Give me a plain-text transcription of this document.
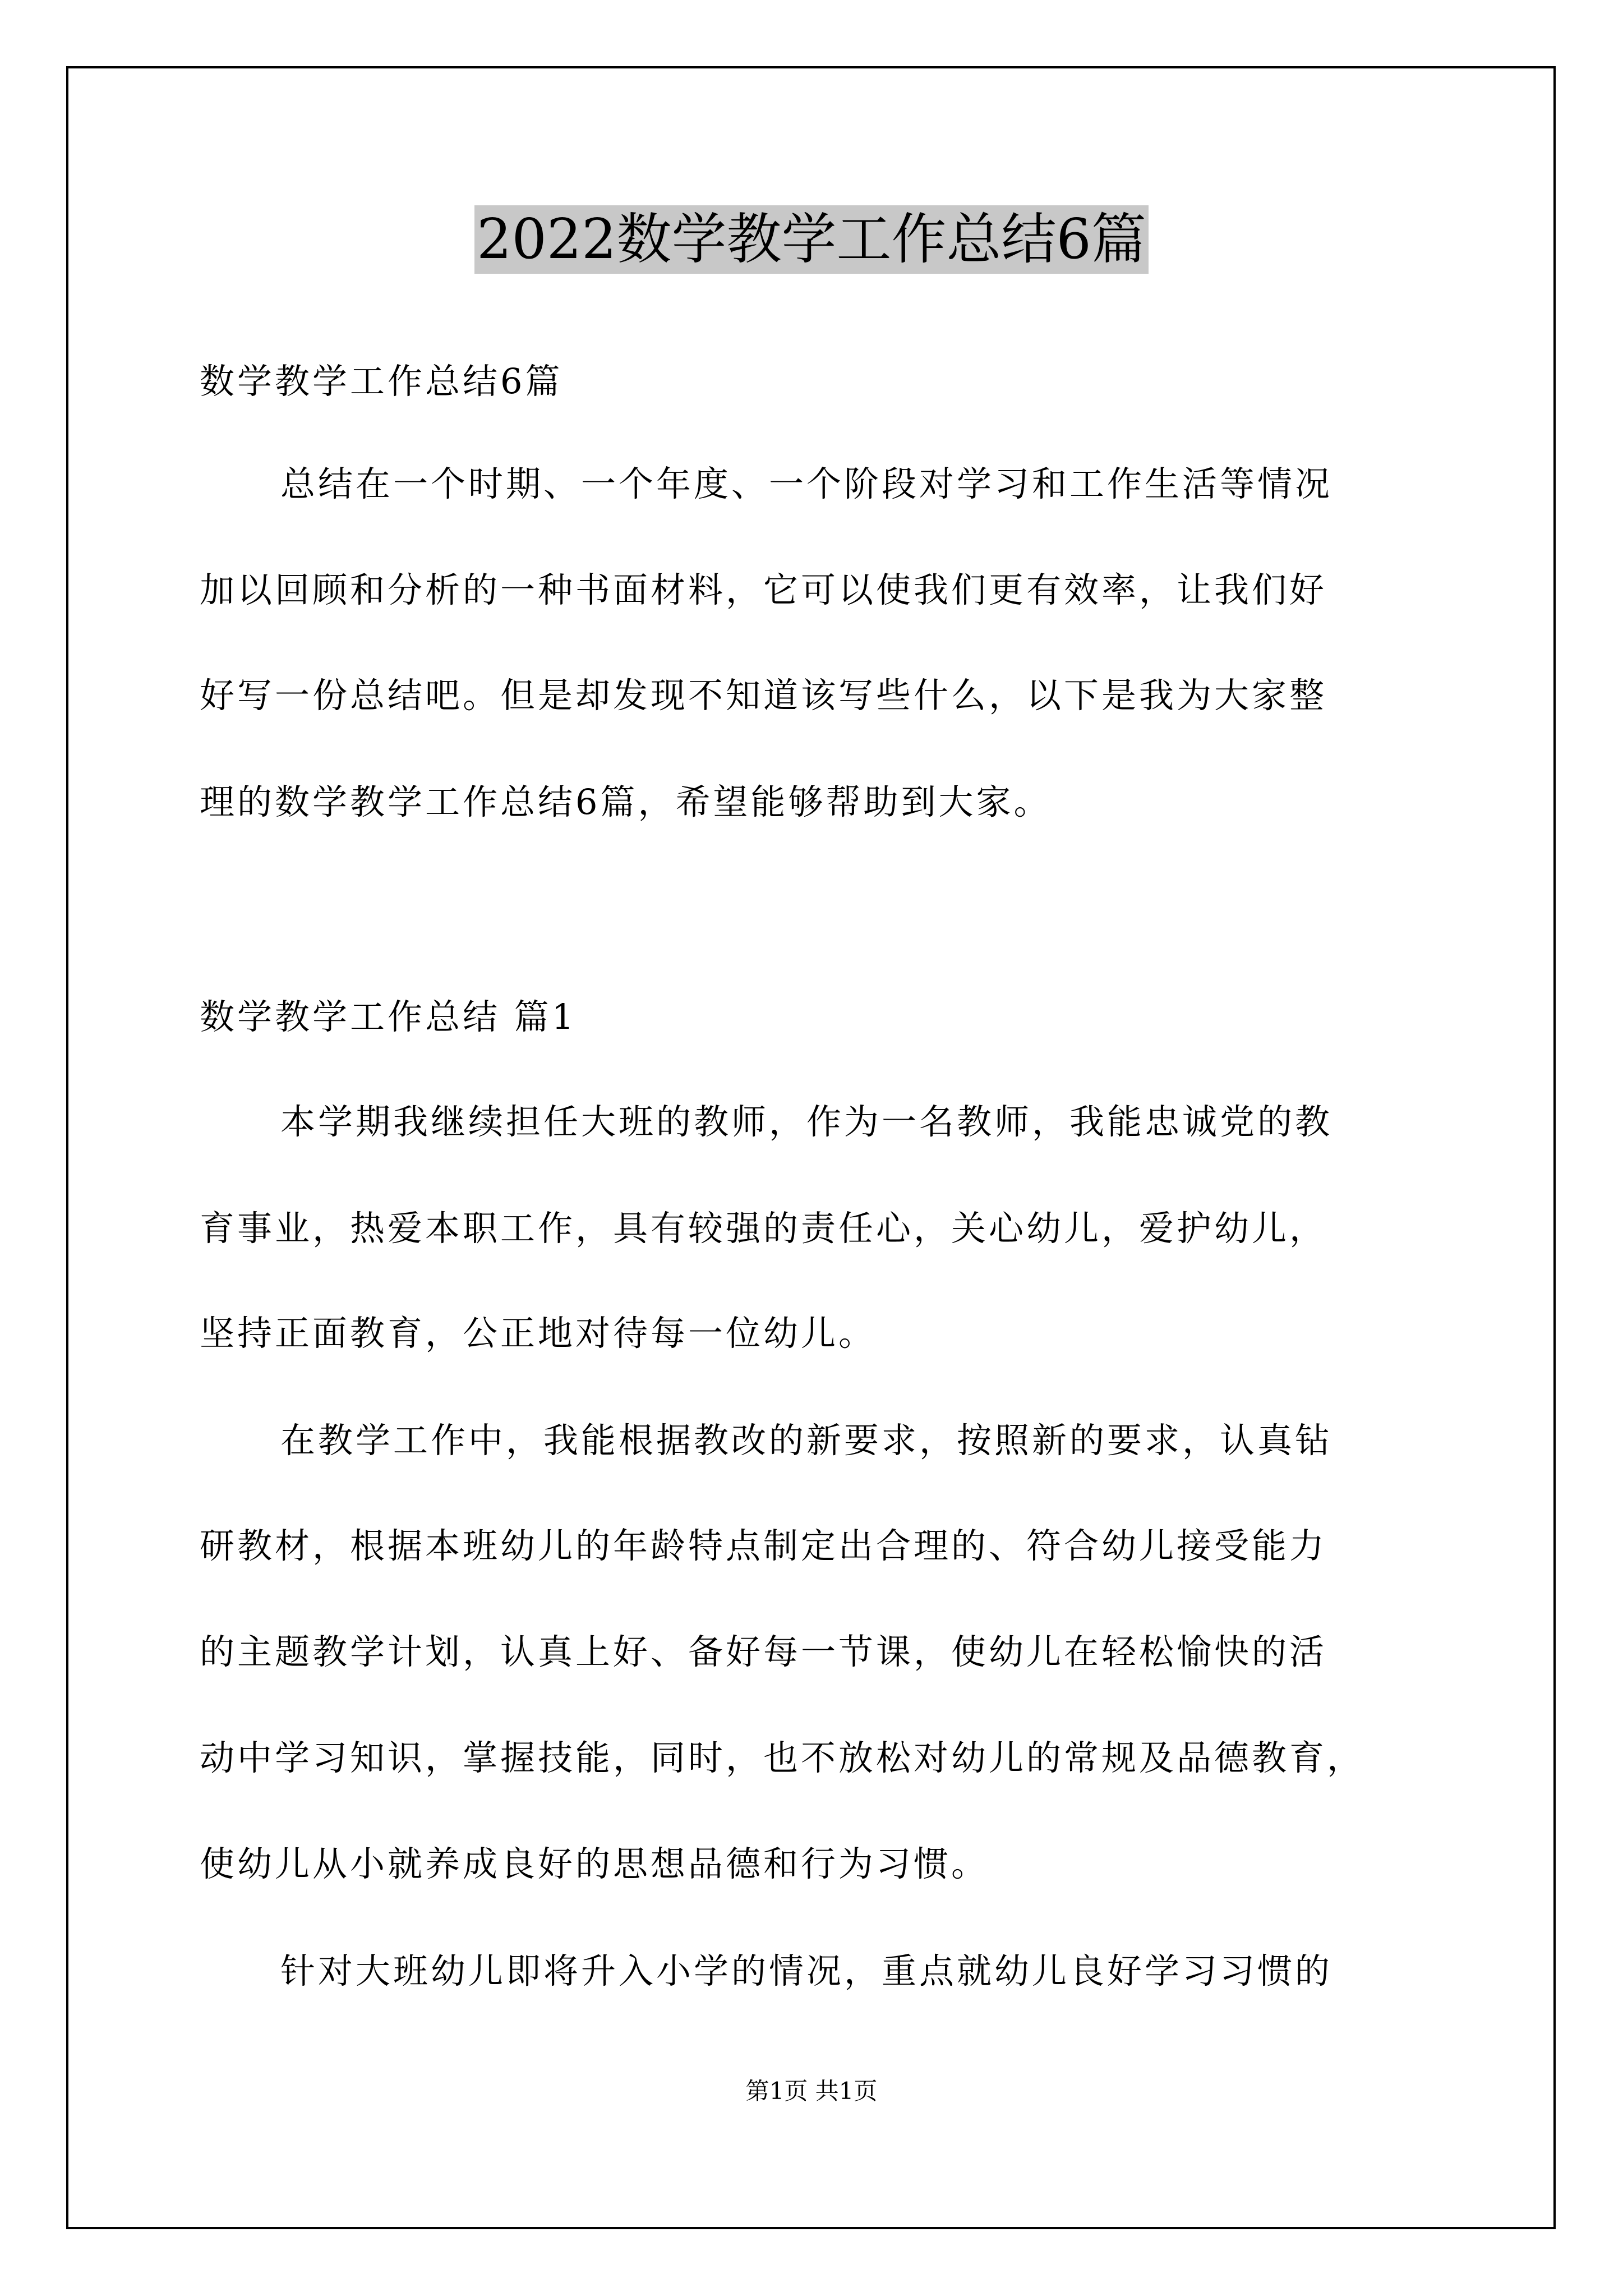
2022数学教学工作总结6篇
数学教学工作总结6篇
总结在一个时期、一个年度、一个阶段对学习和工作生活等情况
加以回顾和分析的一种书面材料，它可以使我们更有效率，让我们好
好写一份总结吧。但是却发现不知道该写些什么，以下是我为大家整
理的数学教学工作总结6篇，希望能够帮助到大家。
数学教学工作总结 篇1
本学期我继续担任大班的教师，作为一名教师，我能忠诚党的教
育事业，热爱本职工作，具有较强的责任心，关心幼儿，爱护幼儿，
坚持正面教育，公正地对待每一位幼儿。
在教学工作中，我能根据教改的新要求，按照新的要求，认真钻
研教材，根据本班幼儿的年龄特点制定出合理的、符合幼儿接受能力
的主题教学计划，认真上好、备好每一节课，使幼儿在轻松愉快的活
动中学习知识，掌握技能，同时，也不放松对幼儿的常规及品德教育，
使幼儿从小就养成良好的思想品德和行为习惯。
针对大班幼儿即将升入小学的情况，重点就幼儿良好学习习惯的
第1页 共1页
